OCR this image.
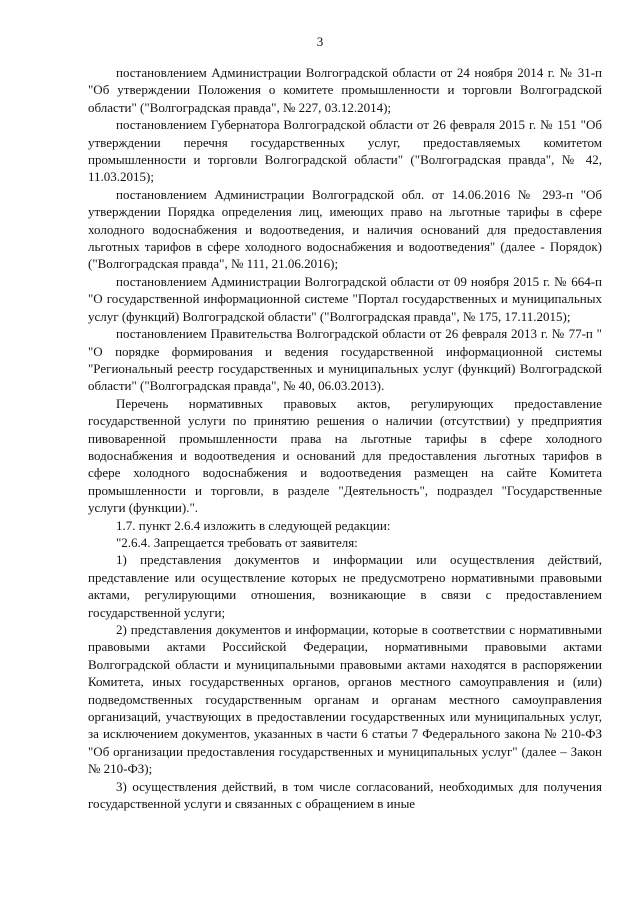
3

постановлением Администрации Волгоградской области от 24 ноября 2014 г. № 31-п "Об утверждении Положения о комитете промышленности и торговли Волгоградской области" ("Волгоградская правда", № 227, 03.12.2014);

постановлением Губернатора Волгоградской области от 26 февраля 2015 г. № 151 "Об утверждении перечня государственных услуг, предоставляемых комитетом промышленности и торговли Волгоградской области" ("Волгоградская правда", № 42, 11.03.2015);

постановлением Администрации Волгоградской обл. от 14.06.2016 № 293-п "Об утверждении Порядка определения лиц, имеющих право на льготные тарифы в сфере холодного водоснабжения и водоотведения, и наличия оснований для предоставления льготных тарифов в сфере холодного водоснабжения и водоотведения" (далее - Порядок) ("Волгоградская правда", № 111, 21.06.2016);

постановлением Администрации Волгоградской области от 09 ноября 2015 г. № 664-п "О государственной информационной системе "Портал государственных и муниципальных услуг (функций) Волгоградской области" ("Волгоградская правда", № 175, 17.11.2015);

постановлением Правительства Волгоградской области от 26 февраля 2013 г. № 77-п " "О порядке формирования и ведения государственной информационной системы "Региональный реестр государственных и муниципальных услуг (функций) Волгоградской области" ("Волгоградская правда", № 40, 06.03.2013).

Перечень нормативных правовых актов, регулирующих предоставление государственной услуги по принятию решения о наличии (отсутствии) у предприятия пивоваренной промышленности права на льготные тарифы в сфере холодного водоснабжения и водоотведения и оснований для предоставления льготных тарифов в сфере холодного водоснабжения и водоотведения размещен на сайте Комитета промышленности и торговли, в разделе "Деятельность", подраздел "Государственные услуги (функции).".

1.7. пункт 2.6.4 изложить в следующей редакции:

"2.6.4. Запрещается требовать от заявителя:

1) представления документов и информации или осуществления действий, представление или осуществление которых не предусмотрено нормативными правовыми актами, регулирующими отношения, возникающие в связи с предоставлением государственной услуги;

2) представления документов и информации, которые в соответствии с нормативными правовыми актами Российской Федерации, нормативными правовыми актами Волгоградской области и муниципальными правовыми актами находятся в распоряжении Комитета, иных государственных органов, органов местного самоуправления и (или) подведомственных государственным органам и органам местного самоуправления организаций, участвующих в предоставлении государственных или муниципальных услуг, за исключением документов, указанных в части 6 статьи 7 Федерального закона № 210-ФЗ "Об организации предоставления государственных и муниципальных услуг" (далее – Закон № 210-ФЗ);

3) осуществления действий, в том числе согласований, необходимых для получения государственной услуги и связанных с обращением в иные
